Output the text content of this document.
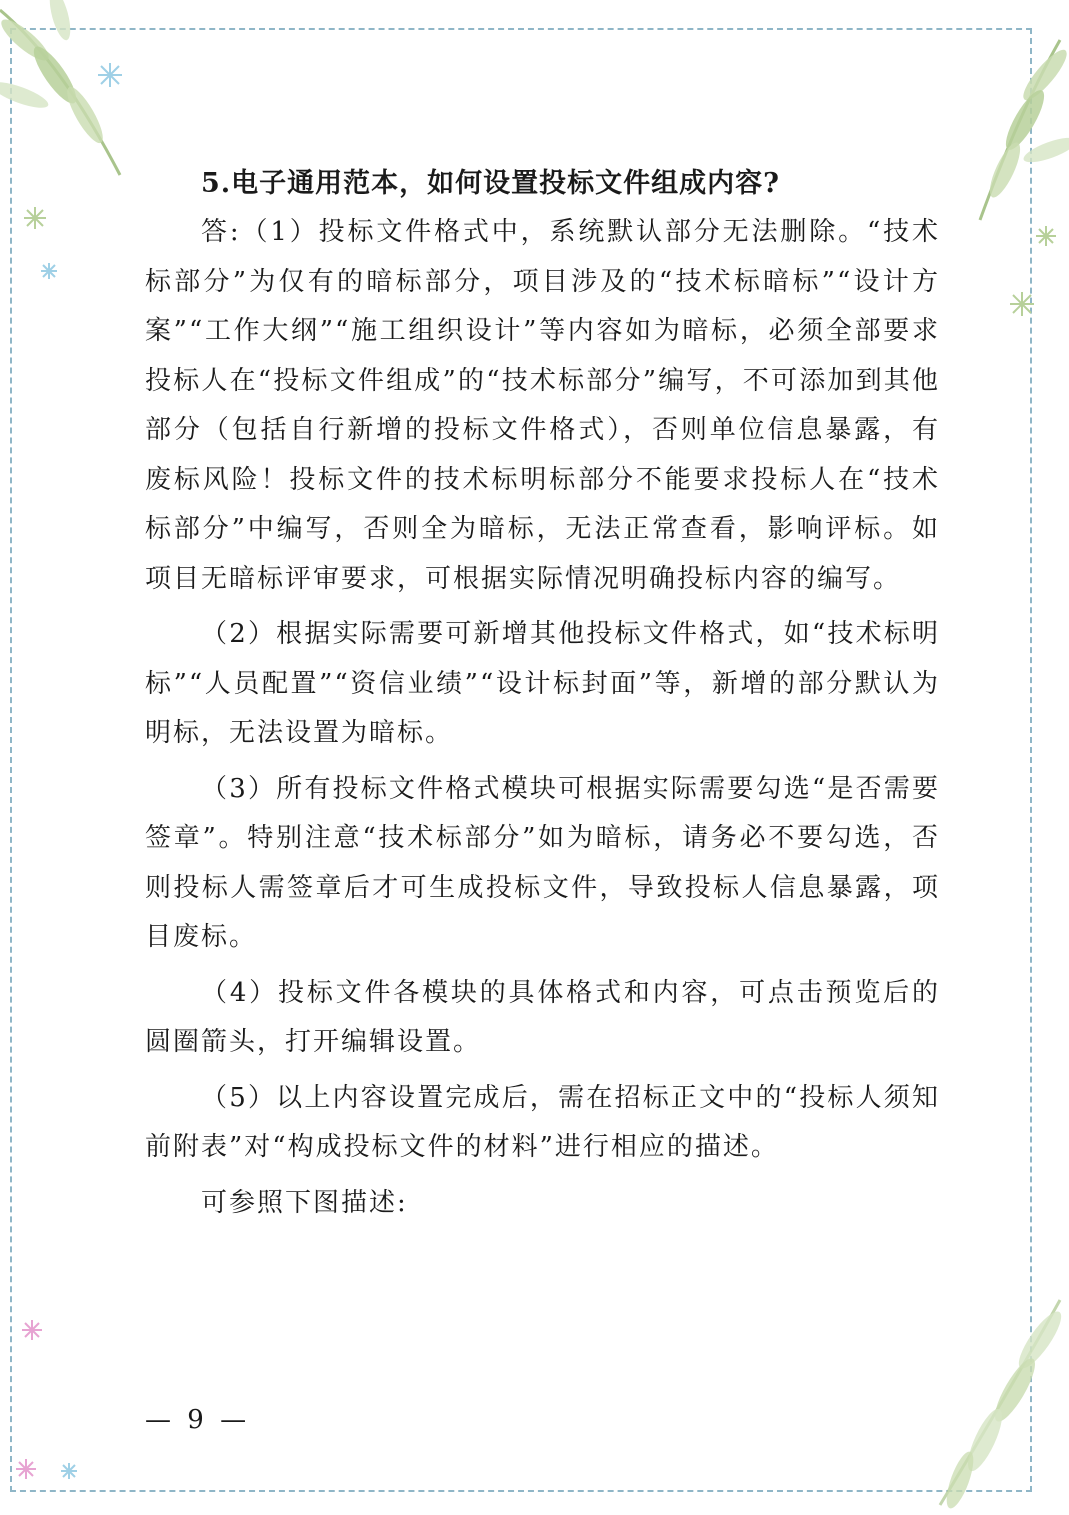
5.电子通用范本，如何设置投标文件组成内容?

答:（1）投标文件格式中，系统默认部分无法删除。“技术标部分”为仅有的暗标部分，项目涉及的“技术标暗标”“设计方案”“工作大纲”“施工组织设计”等内容如为暗标，必须全部要求投标人在“投标文件组成”的“技术标部分”编写，不可添加到其他部分（包括自行新增的投标文件格式），否则单位信息暴露，有废标风险！投标文件的技术标明标部分不能要求投标人在“技术标部分”中编写，否则全为暗标，无法正常查看，影响评标。如项目无暗标评审要求，可根据实际情况明确投标内容的编写。

（2）根据实际需要可新增其他投标文件格式，如“技术标明标”“人员配置”“资信业绩”“设计标封面”等，新增的部分默认为明标，无法设置为暗标。

（3）所有投标文件格式模块可根据实际需要勾选“是否需要签章”。特别注意“技术标部分”如为暗标，请务必不要勾选，否则投标人需签章后才可生成投标文件，导致投标人信息暴露，项目废标。

（4）投标文件各模块的具体格式和内容，可点击预览后的圆圈箭头，打开编辑设置。

（5）以上内容设置完成后，需在招标正文中的“投标人须知前附表”对“构成投标文件的材料”进行相应的描述。

可参照下图描述:

— 9 —
